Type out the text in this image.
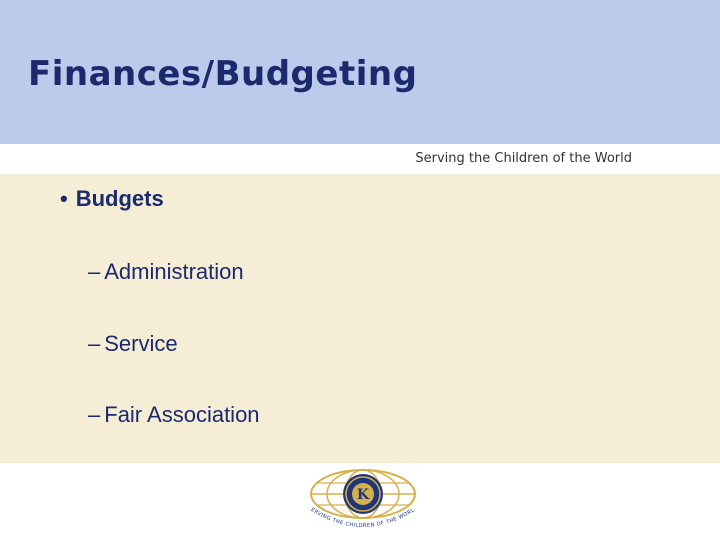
Finances/Budgeting
Serving the Children of the World
• Budgets
– Administration
– Service
– Fair Association
K
ERVING THE CHILDREN OF THE WORL
